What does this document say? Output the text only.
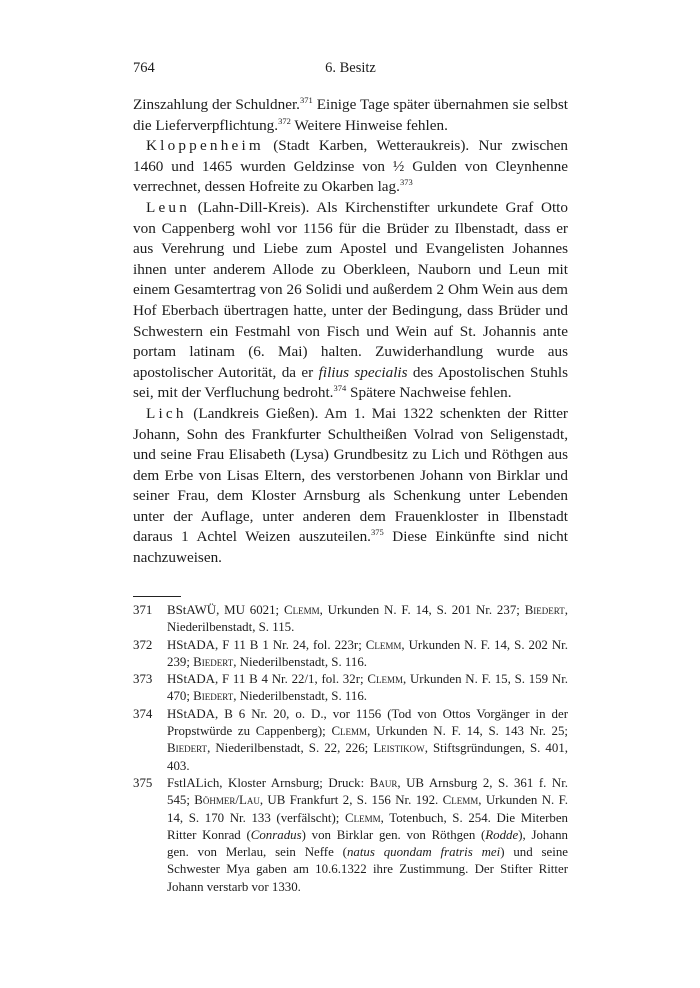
764	6. Besitz

Zinszahlung der Schuldner.$^{371}$ Einige Tage später übernahmen sie selbst die Lieferverpflichtung.$^{372}$ Weitere Hinweise fehlen.

Kloppenheim (Stadt Karben, Wetteraukreis). Nur zwischen 1460 und 1465 wurden Geldzinse von ½ Gulden von Cleynhenne verrechnet, dessen Hofreite zu Okarben lag.$^{373}$

Leun (Lahn-Dill-Kreis). Als Kirchenstifter urkundete Graf Otto von Cappenberg wohl vor 1156 für die Brüder zu Ilbenstadt, dass er aus Verehrung und Liebe zum Apostel und Evangelisten Johannes ihnen unter anderem Allode zu Oberkleen, Nauborn und Leun mit einem Gesamtertrag von 26 Solidi und außerdem 2 Ohm Wein aus dem Hof Eberbach übertragen hatte, unter der Bedingung, dass Brüder und Schwestern ein Festmahl von Fisch und Wein auf St. Johannis ante portam latinam (6. Mai) halten. Zuwiderhandlung wurde aus apostolischer Autorität, da er filius specialis des Apostolischen Stuhls sei, mit der Verfluchung bedroht.$^{374}$ Spätere Nachweise fehlen.

Lich (Landkreis Gießen). Am 1. Mai 1322 schenkten der Ritter Johann, Sohn des Frankfurter Schultheißen Volrad von Seligenstadt, und seine Frau Elisabeth (Lysa) Grundbesitz zu Lich und Röthgen aus dem Erbe von Lisas Eltern, des verstorbenen Johann von Birklar und seiner Frau, dem Kloster Arnsburg als Schenkung unter Lebenden unter der Auflage, unter anderen dem Frauenkloster in Ilbenstadt daraus 1 Achtel Weizen auszuteilen.$^{375}$ Diese Einkünfte sind nicht nachzuweisen.

371 BStAWÜ, MU 6021; Clemm, Urkunden N. F. 14, S. 201 Nr. 237; Biedert, Niederilbenstadt, S. 115.

372 HStADA, F 11 B 1 Nr. 24, fol. 223r; Clemm, Urkunden N. F. 14, S. 202 Nr. 239; Biedert, Niederilbenstadt, S. 116.

373 HStADA, F 11 B 4 Nr. 22/1, fol. 32r; Clemm, Urkunden N. F. 15, S. 159 Nr. 470; Biedert, Niederilbenstadt, S. 116.

374 HStADA, B 6 Nr. 20, o. D., vor 1156 (Tod von Ottos Vorgänger in der Propstwürde zu Cappenberg); Clemm, Urkunden N. F. 14, S. 143 Nr. 25; Biedert, Niederilbenstadt, S. 22, 226; Leistikow, Stiftsgründungen, S. 401, 403.

375 FstlALich, Kloster Arnsburg; Druck: Baur, UB Arnsburg 2, S. 361 f. Nr. 545; Böhmer/Lau, UB Frankfurt 2, S. 156 Nr. 192. Clemm, Urkunden N. F. 14, S. 170 Nr. 133 (verfälscht); Clemm, Totenbuch, S. 254. Die Miterben Ritter Konrad (Conradus) von Birklar gen. von Röthgen (Rodde), Johann gen. von Merlau, sein Neffe (natus quondam fratris mei) und seine Schwester Mya gaben am 10.6.1322 ihre Zustimmung. Der Stifter Ritter Johann verstarb vor 1330.
